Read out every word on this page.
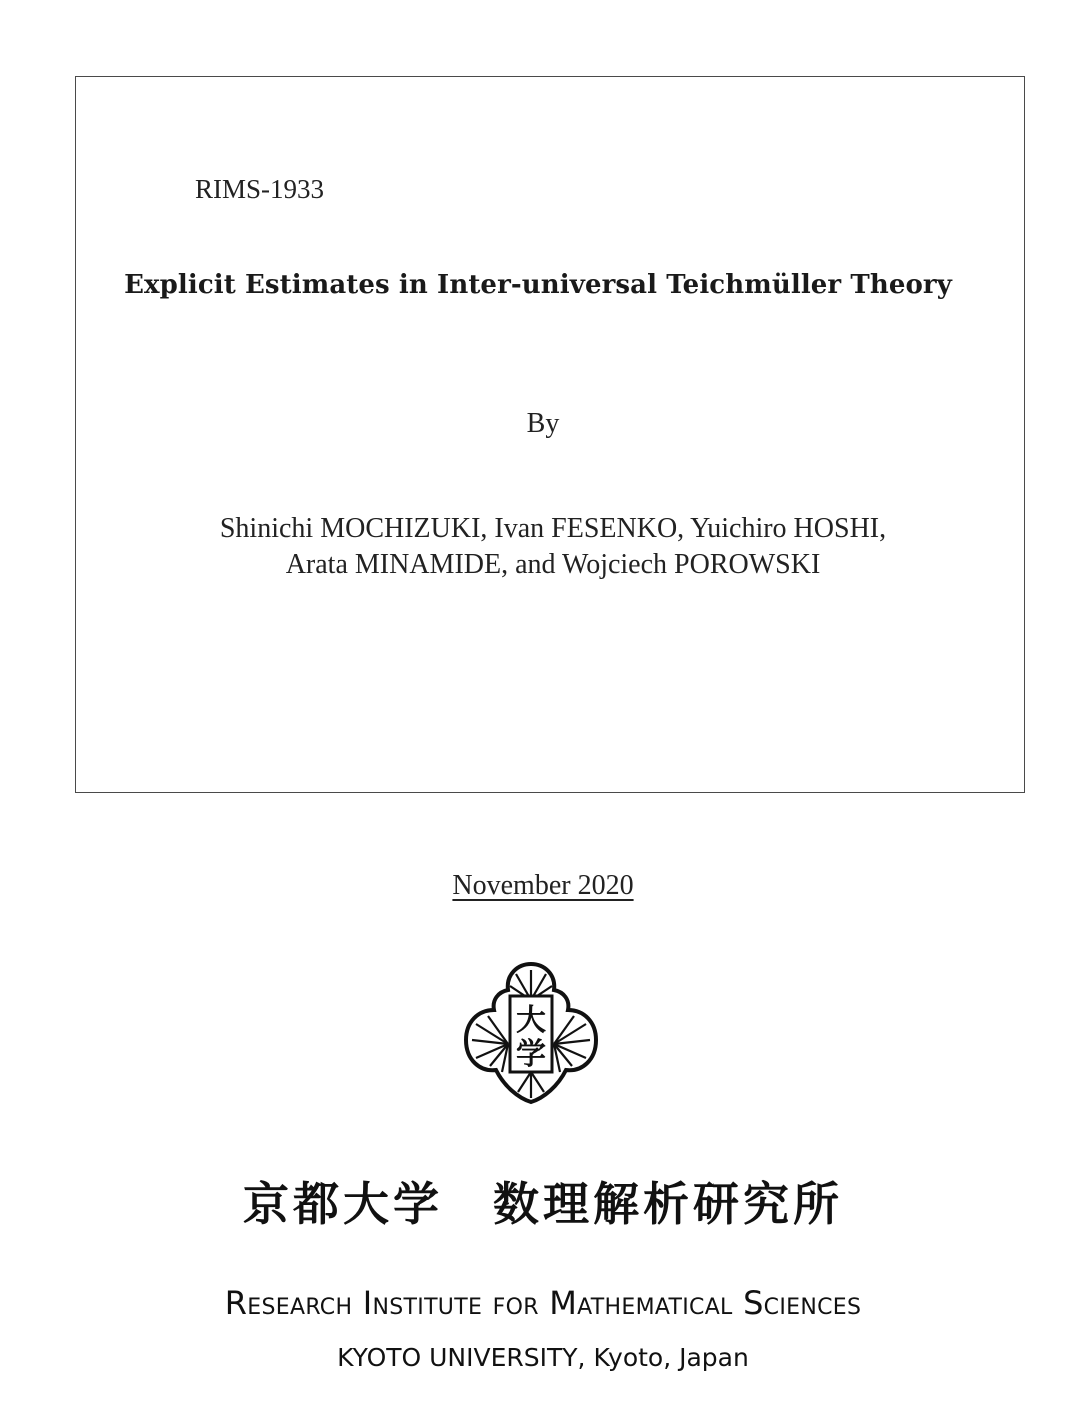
RIMS-1933
Explicit Estimates in Inter-universal Teichmüller Theory
By
Shinichi MOCHIZUKI, Ivan FESENKO, Yuichiro HOSHI,
Arata MINAMIDE, and Wojciech POROWSKI
November 2020
大
学
京都大学　数理解析研究所
Research Institute for Mathematical Sciences
KYOTO UNIVERSITY, Kyoto, Japan
